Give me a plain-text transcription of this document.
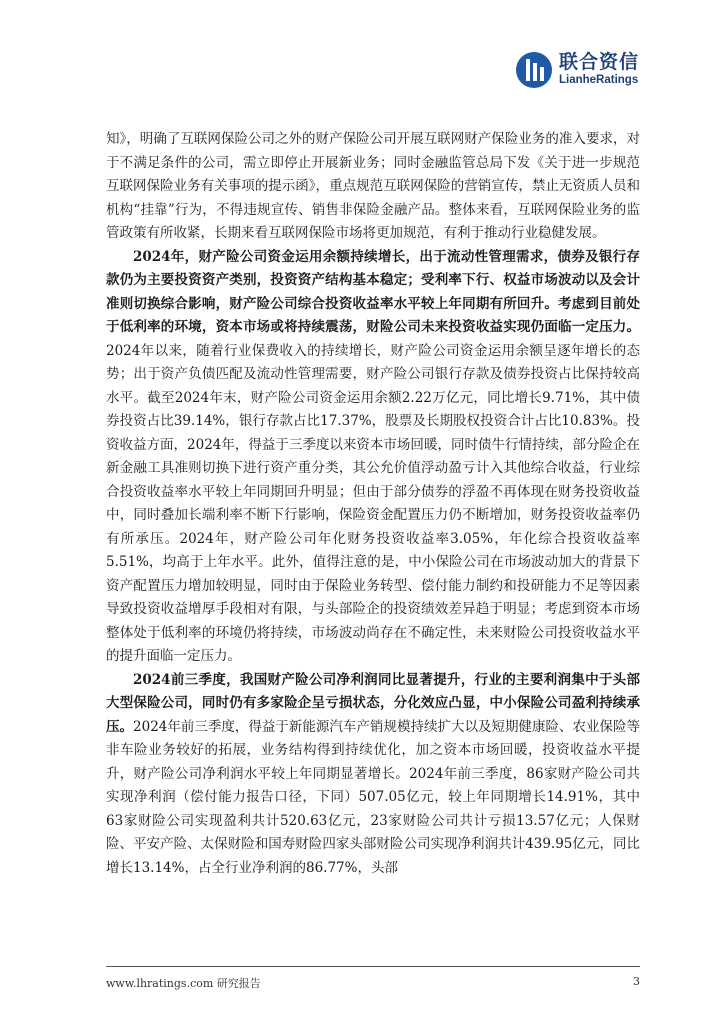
联合资信
LianheRatings

知》，明确了互联网保险公司之外的财产保险公司开展互联网财产保险业务的准入要求，对于不满足条件的公司，需立即停止开展新业务；同时金融监管总局下发《关于进一步规范互联网保险业务有关事项的提示函》，重点规范互联网保险的营销宣传，禁止无资质人员和机构“挂靠”行为，不得违规宣传、销售非保险金融产品。整体来看，互联网保险业务的监管政策有所收紧，长期来看互联网保险市场将更加规范，有利于推动行业稳健发展。

2024年，财产险公司资金运用余额持续增长，出于流动性管理需求，债券及银行存款仍为主要投资资产类别，投资资产结构基本稳定；受利率下行、权益市场波动以及会计准则切换综合影响，财产险公司综合投资收益率水平较上年同期有所回升。考虑到目前处于低利率的环境，资本市场或将持续震荡，财险公司未来投资收益实现仍面临一定压力。2024年以来，随着行业保费收入的持续增长，财产险公司资金运用余额呈逐年增长的态势；出于资产负债匹配及流动性管理需要，财产险公司银行存款及债券投资占比保持较高水平。截至2024年末，财产险公司资金运用余额2.22万亿元，同比增长9.71%，其中债券投资占比39.14%，银行存款占比17.37%，股票及长期股权投资合计占比10.83%。投资收益方面，2024年，得益于三季度以来资本市场回暖，同时债牛行情持续，部分险企在新金融工具准则切换下进行资产重分类，其公允价值浮动盈亏计入其他综合收益，行业综合投资收益率水平较上年同期回升明显；但由于部分债券的浮盈不再体现在财务投资收益中，同时叠加长端利率不断下行影响，保险资金配置压力仍不断增加，财务投资收益率仍有所承压。2024年，财产险公司年化财务投资收益率3.05%，年化综合投资收益率5.51%，均高于上年水平。此外，值得注意的是，中小保险公司在市场波动加大的背景下资产配置压力增加较明显，同时由于保险业务转型、偿付能力制约和投研能力不足等因素导致投资收益增厚手段相对有限，与头部险企的投资绩效差异趋于明显；考虑到资本市场整体处于低利率的环境仍将持续，市场波动尚存在不确定性，未来财险公司投资收益水平的提升面临一定压力。

2024前三季度，我国财产险公司净利润同比显著提升，行业的主要利润集中于头部大型保险公司，同时仍有多家险企呈亏损状态，分化效应凸显，中小保险公司盈利持续承压。2024年前三季度，得益于新能源汽车产销规模持续扩大以及短期健康险、农业保险等非车险业务较好的拓展，业务结构得到持续优化，加之资本市场回暖，投资收益水平提升，财产险公司净利润水平较上年同期显著增长。2024年前三季度，86家财产险公司共实现净利润（偿付能力报告口径，下同）507.05亿元，较上年同期增长14.91%，其中63家财险公司实现盈利共计520.63亿元，23家财险公司共计亏损13.57亿元；人保财险、平安产险、太保财险和国寿财险四家头部财险公司实现净利润共计439.95亿元，同比增长13.14%，占全行业净利润的86.77%，头部

www.lhratings.com 研究报告	3
